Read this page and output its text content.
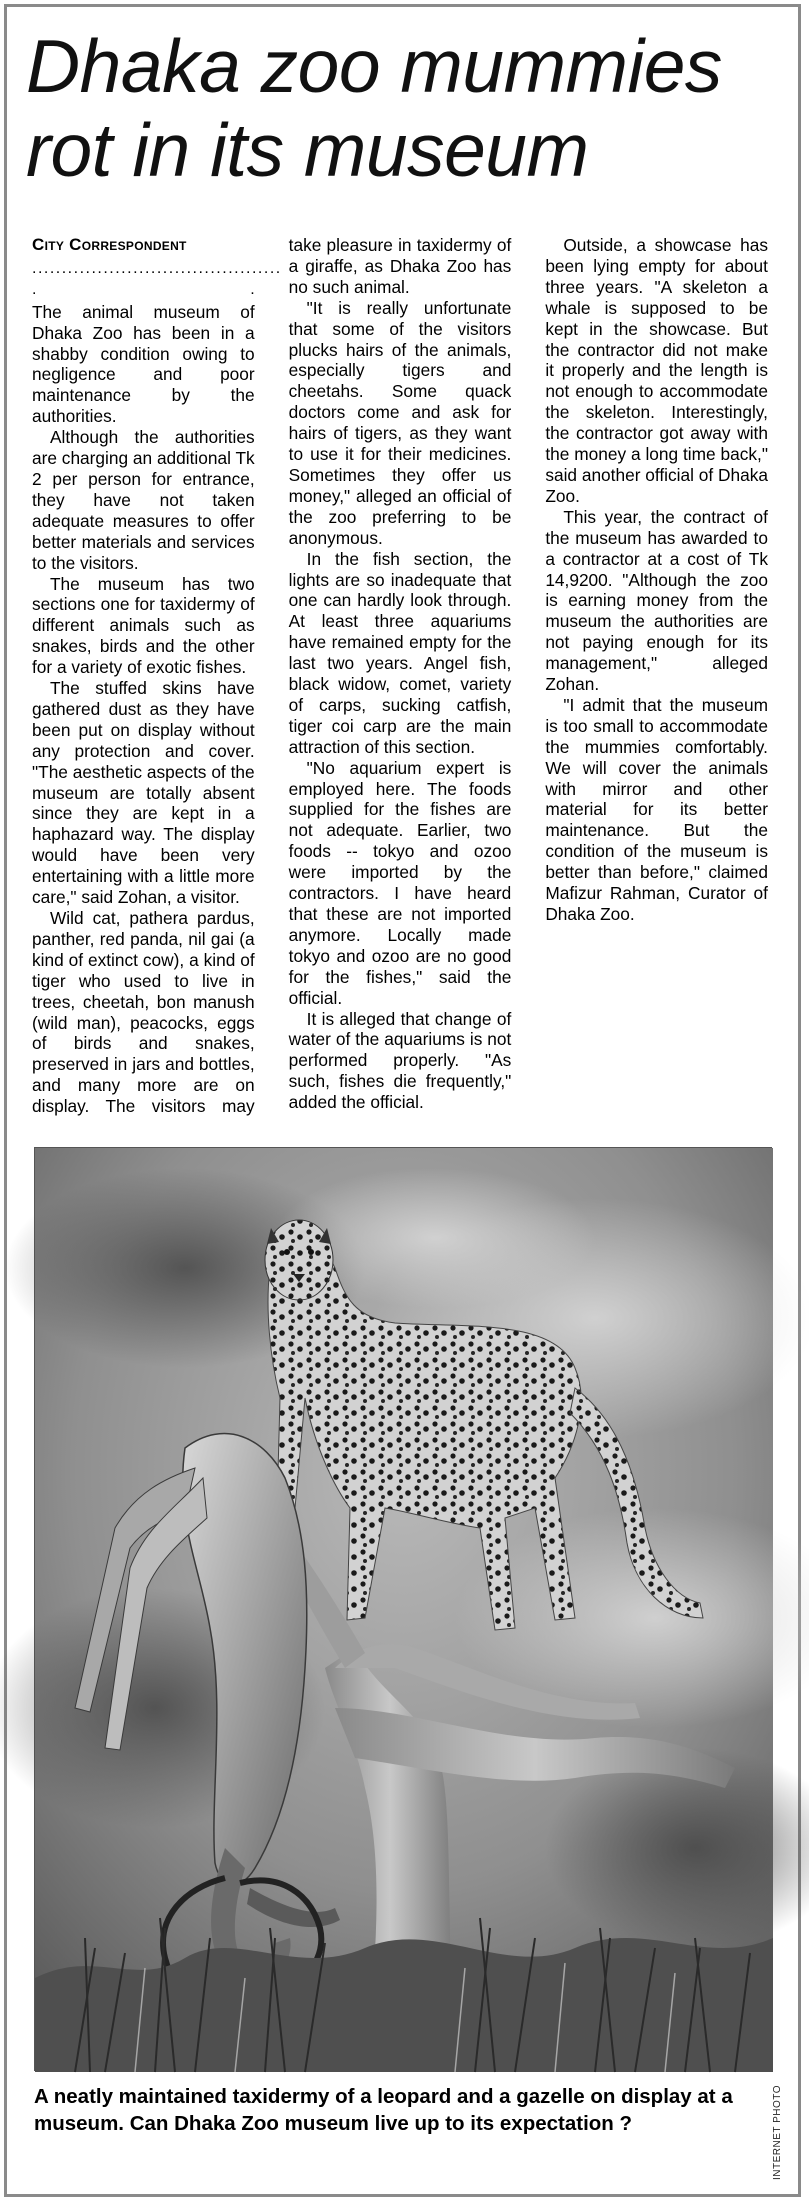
Dhaka zoo mummies
rot in its museum
City Correspondent
..........................................
.	.

The animal museum of Dhaka Zoo has been in a shabby condition owing to negligence and poor maintenance by the authorities.

Although the authorities are charging an additional Tk 2 per person for entrance, they have not taken adequate measures to offer better materials and services to the visitors.

The museum has two sections one for taxidermy of different animals such as snakes, birds and the other for a variety of exotic fishes.

The stuffed skins have gathered dust as they have been put on display without any protection and cover. "The aesthetic aspects of the museum are totally absent since they are kept in a haphazard way. The display would have been very entertaining with a little more care," said Zohan, a visitor.

Wild cat, pathera pardus, panther, red panda, nil gai (a kind of extinct cow), a kind of tiger who used to live in trees, cheetah, bon manush (wild man), peacocks, eggs of birds and snakes, preserved in jars and bottles, and many more are on display. The visitors may take pleasure in taxidermy of a giraffe, as Dhaka Zoo has no such animal.

"It is really unfortunate that some of the visitors plucks hairs of the animals, especially tigers and cheetahs. Some quack doctors come and ask for hairs of tigers, as they want to use it for their medicines. Sometimes they offer us money," alleged an official of the zoo preferring to be anonymous.

In the fish section, the lights are so inadequate that one can hardly look through. At least three aquariums have remained empty for the last two years. Angel fish, black widow, comet, variety of carps, sucking catfish, tiger coi carp are the main attraction of this section.

"No aquarium expert is employed here. The foods supplied for the fishes are not adequate. Earlier, two foods -- tokyo and ozoo were imported by the contractors. I have heard that these are not imported anymore. Locally made tokyo and ozoo are no good for the fishes," said the official.

It is alleged that change of water of the aquariums is not performed properly. "As such, fishes die frequently," added the official.

Outside, a showcase has been lying empty for about three years. "A skeleton a whale is supposed to be kept in the showcase. But the contractor did not make it properly and the length is not enough to accommodate the skeleton. Interestingly, the contractor got away with the money a long time back," said another official of Dhaka Zoo.

This year, the contract of the museum has awarded to a contractor at a cost of Tk 14,9200. "Although the zoo is earning money from the museum the authorities are not paying enough for its management," alleged Zohan.

"I admit that the museum is too small to accommodate the mummies comfortably. We will cover the animals with mirror and other material for its better maintenance. But the condition of the museum is better than before," claimed Mafizur Rahman, Curator of Dhaka Zoo.

INTERNET PHOTO

A neatly maintained taxidermy of a leopard and a gazelle on display at a museum. Can Dhaka Zoo museum live up to its expectation ?
